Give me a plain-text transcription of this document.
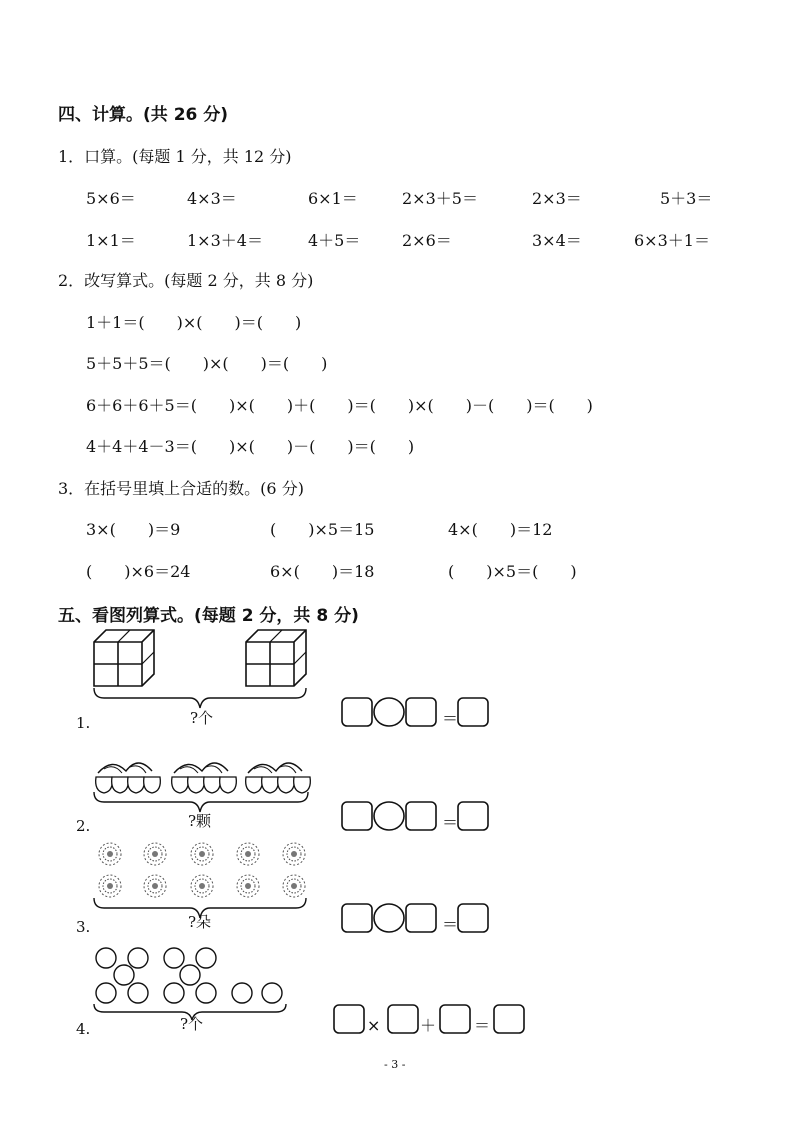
四、计算。(共 26 分)
1．口算。(每题 1 分，共 12 分)
5×6＝	4×3＝	6×1＝	2×3＋5＝	2×3＝	5＋3＝
1×1＝	1×3＋4＝	4＋5＝	2×6＝	3×4＝	6×3＋1＝
2．改写算式。(每题 2 分，共 8 分)
1＋1＝(　　)×(　　)＝(　　)
5＋5＋5＝(　　)×(　　)＝(　　)
6＋6＋6＋5＝(　　)×(　　)＋(　　)＝(　　)×(　　)－(　　)＝(　　)
4＋4＋4－3＝(　　)×(　　)－(　　)＝(　　)
3．在括号里填上合适的数。(6 分)
3×(　　)＝9	(　　)×5＝15	4×(　　)＝12
(　　)×6＝24	6×(　　)＝18	(　　)×5＝(　　)
五、看图列算式。(每题 2 分，共 8 分)
＝
＝
＝
× ＋ ＝
1.	?个
2.	?颗
3.	?朵
4.	?个
- 3 -
